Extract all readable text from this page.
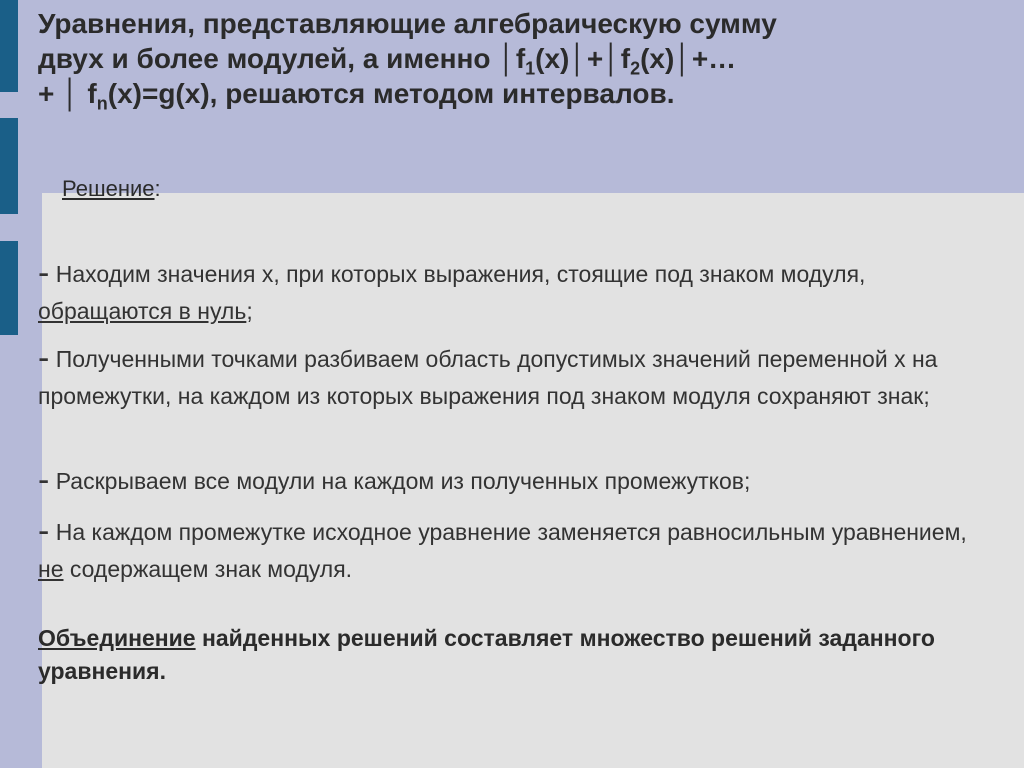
Уравнения, представляющие алгебраическую сумму
двух и более модулей, а именно $│f_1(x)│+│f_2(x)│+\dots$
+ │ $f_n(x)=g(x)$, решаются методом интервалов.
Решение:
- Находим значения х, при которых выражения, стоящие под знаком модуля, обращаются в нуль;
- Полученными точками разбиваем область допустимых значений переменной х на промежутки, на каждом из которых выражения под знаком модуля сохраняют знак;
- Раскрываем все модули на каждом из полученных промежутков;
- На каждом промежутке исходное уравнение заменяется равносильным уравнением, не содержащем знак модуля.
Объединение найденных решений составляет множество решений заданного уравнения.
